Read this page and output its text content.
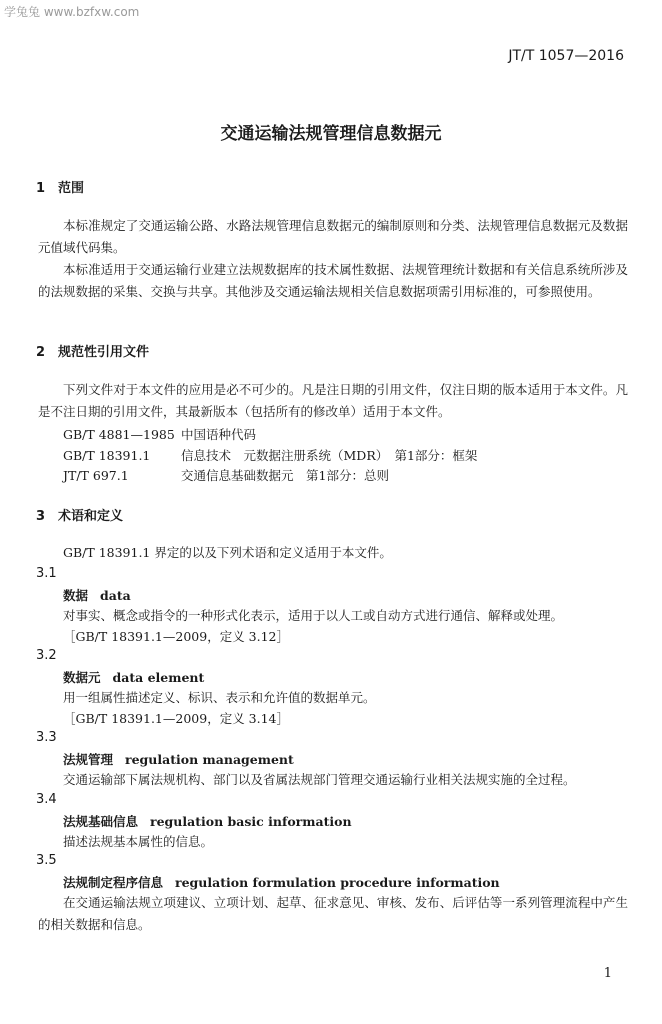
学兔兔 www.bzfxw.com
JT/T 1057—2016
交通运输法规管理信息数据元
1 范围
本标准规定了交通运输公路、水路法规管理信息数据元的编制原则和分类、法规管理信息数据元及数据元值域代码集。
本标准适用于交通运输行业建立法规数据库的技术属性数据、法规管理统计数据和有关信息系统所涉及的法规数据的采集、交换与共享。其他涉及交通运输法规相关信息数据项需引用标准的，可参照使用。
2 规范性引用文件
下列文件对于本文件的应用是必不可少的。凡是注日期的引用文件，仅注日期的版本适用于本文件。凡是不注日期的引用文件，其最新版本（包括所有的修改单）适用于本文件。
GB/T 4881—1985 中国语种代码
GB/T 18391.1 信息技术　元数据注册系统（MDR）　第1部分：框架
JT/T 697.1	交通信息基础数据元　第1部分：总则
3 术语和定义
GB/T 18391.1 界定的以及下列术语和定义适用于本文件。
3.1
数据 data
对事实、概念或指令的一种形式化表示，适用于以人工或自动方式进行通信、解释或处理。
［GB/T 18391.1—2009，定义 3.12］
3.2
数据元 data element
用一组属性描述定义、标识、表示和允许值的数据单元。
［GB/T 18391.1—2009，定义 3.14］
3.3
法规管理 regulation management
交通运输部下属法规机构、部门以及省属法规部门管理交通运输行业相关法规实施的全过程。
3.4
法规基础信息 regulation basic information
描述法规基本属性的信息。
3.5
法规制定程序信息 regulation formulation procedure information
在交通运输法规立项建议、立项计划、起草、征求意见、审核、发布、后评估等一系列管理流程中产生的相关数据和信息。
1
